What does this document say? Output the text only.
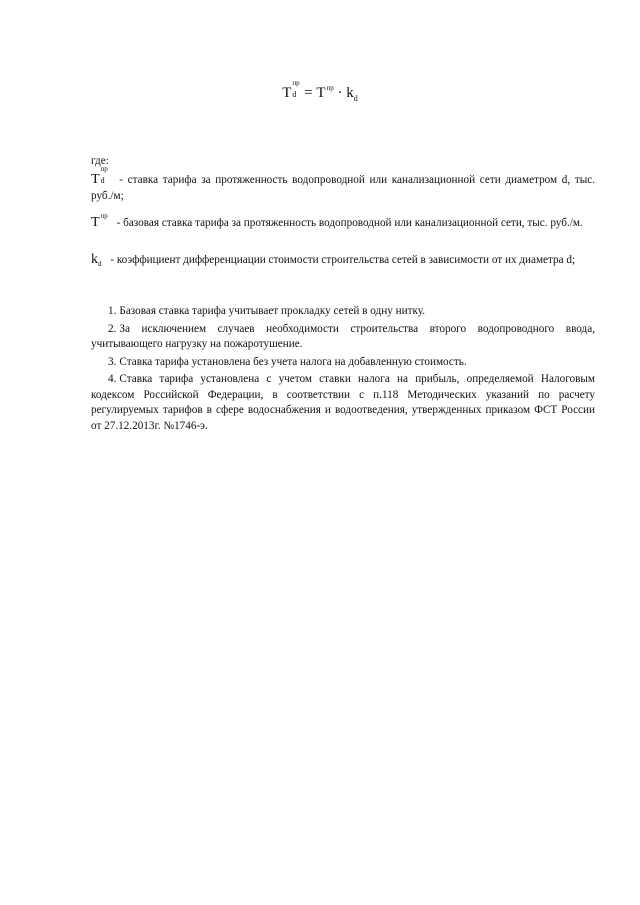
T
пр
$d = T^{пр} \cdot k_d$
где:
T
пр
d - ставка тарифа за протяженность водопроводной или канализационной сети диаметром d, тыс. руб./м;
$T^{пр}$ - базовая ставка тарифа за протяженность водопроводной или канализационной сети, тыс. руб./м.
$k_d$ - коэффициент дифференциации стоимости строительства сетей в зависимости от их диаметра d;
1. Базовая ставка тарифа учитывает прокладку сетей в одну нитку.
2. За исключением случаев необходимости строительства второго водопроводного ввода, учитывающего нагрузку на пожаротушение.
3. Ставка тарифа установлена без учета налога на добавленную стоимость.
4. Ставка тарифа установлена с учетом ставки налога на прибыль, определяемой Налоговым кодексом Российской Федерации, в соответствии с п.118 Методических указаний по расчету регулируемых тарифов в сфере водоснабжения и водоотведения, утвержденных приказом ФСТ России от 27.12.2013г. №1746-э.
